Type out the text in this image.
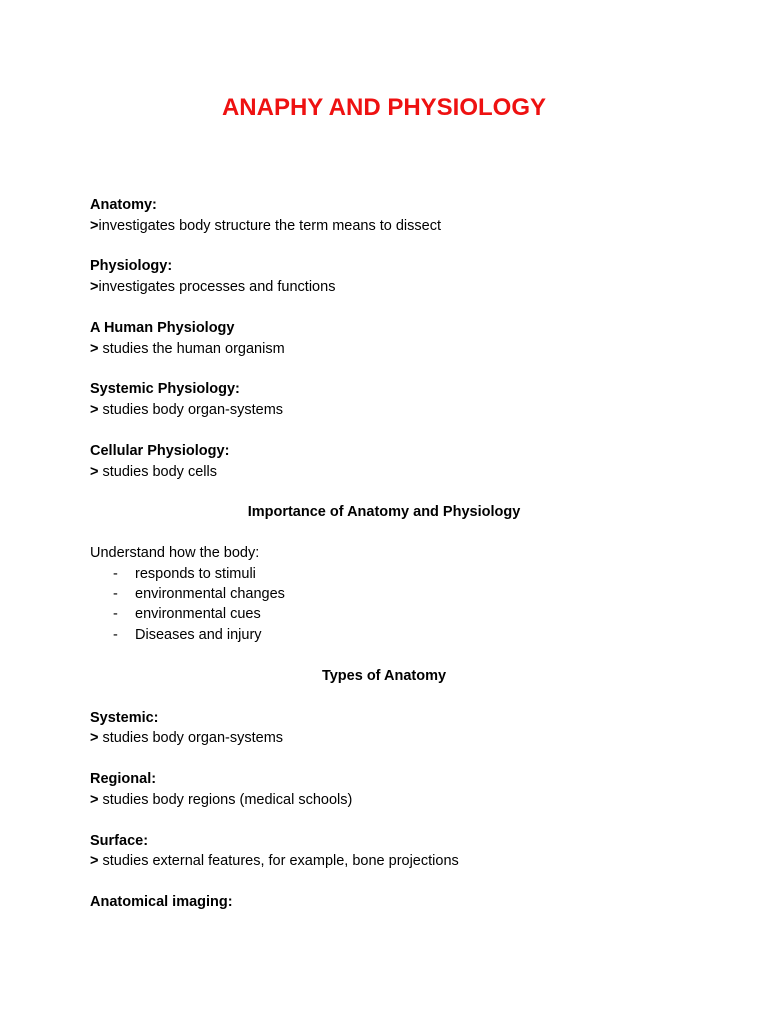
ANAPHY AND PHYSIOLOGY

Anatomy:

>investigates body structure the term means to dissect

Physiology:

>investigates processes and functions

A Human Physiology

> studies the human organism

Systemic Physiology:

> studies body organ-systems

Cellular Physiology:

> studies body cells

Importance of Anatomy and Physiology

Understand how the body:

- responds to stimuli
- environmental changes
- environmental cues
- Diseases and injury

Types of Anatomy

Systemic:

> studies body organ-systems

Regional:

> studies body regions (medical schools)

Surface:

> studies external features, for example, bone projections

Anatomical imaging:
